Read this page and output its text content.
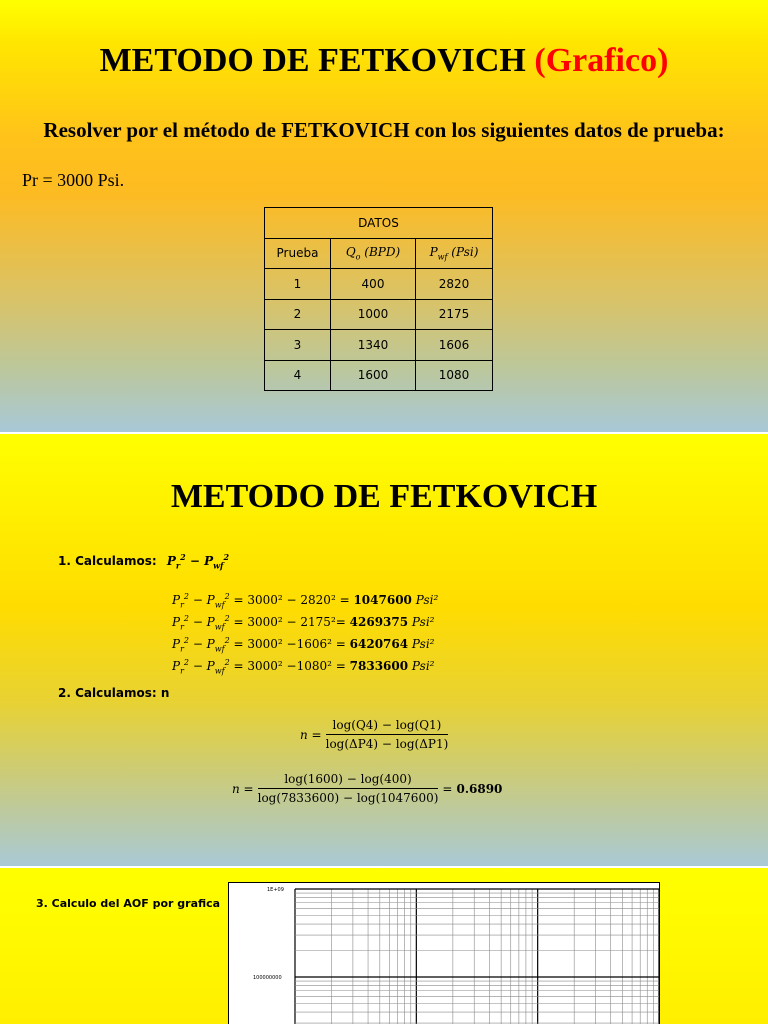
METODO DE FETKOVICH (Grafico)
Resolver por el método de FETKOVICH con los siguientes datos de prueba:
Pr = 3000 Psi.
DATOS		
Prueba	$Q_o$ (BPD)	$P_{wf}$ (Psi)
1	400	2820
2	1000	2175
3	1340	1606
4	1600	1080
METODO DE FETKOVICH
1. Calculamos: $P_r^2 - P_{wf}^2$
$P_r^2 - P_{wf}^2 = 3000^2 - 2820^2 = 1047600$ Psi²
$P_r^2 - P_{wf}^2 = 3000^2 - 2175^2= 4269375$ Psi²
$P_r^2 - P_{wf}^2 = 3000^2 -1606^2 = 6420764$ Psi²
$P_r^2 - P_{wf}^2 = 3000^2 -1080^2 = 7833600$ Psi²
2. Calculamos: n
$n = \frac{\log(Q4) - \log(Q1)}{\log(\Delta P4) - \log(\Delta P1)}$
$n = \frac{\log(1600) - \log(400)}{\log(7833600) - \log(1047600)} = 0.6890$
3. Calculo del AOF por grafica
1E+09
100000000
